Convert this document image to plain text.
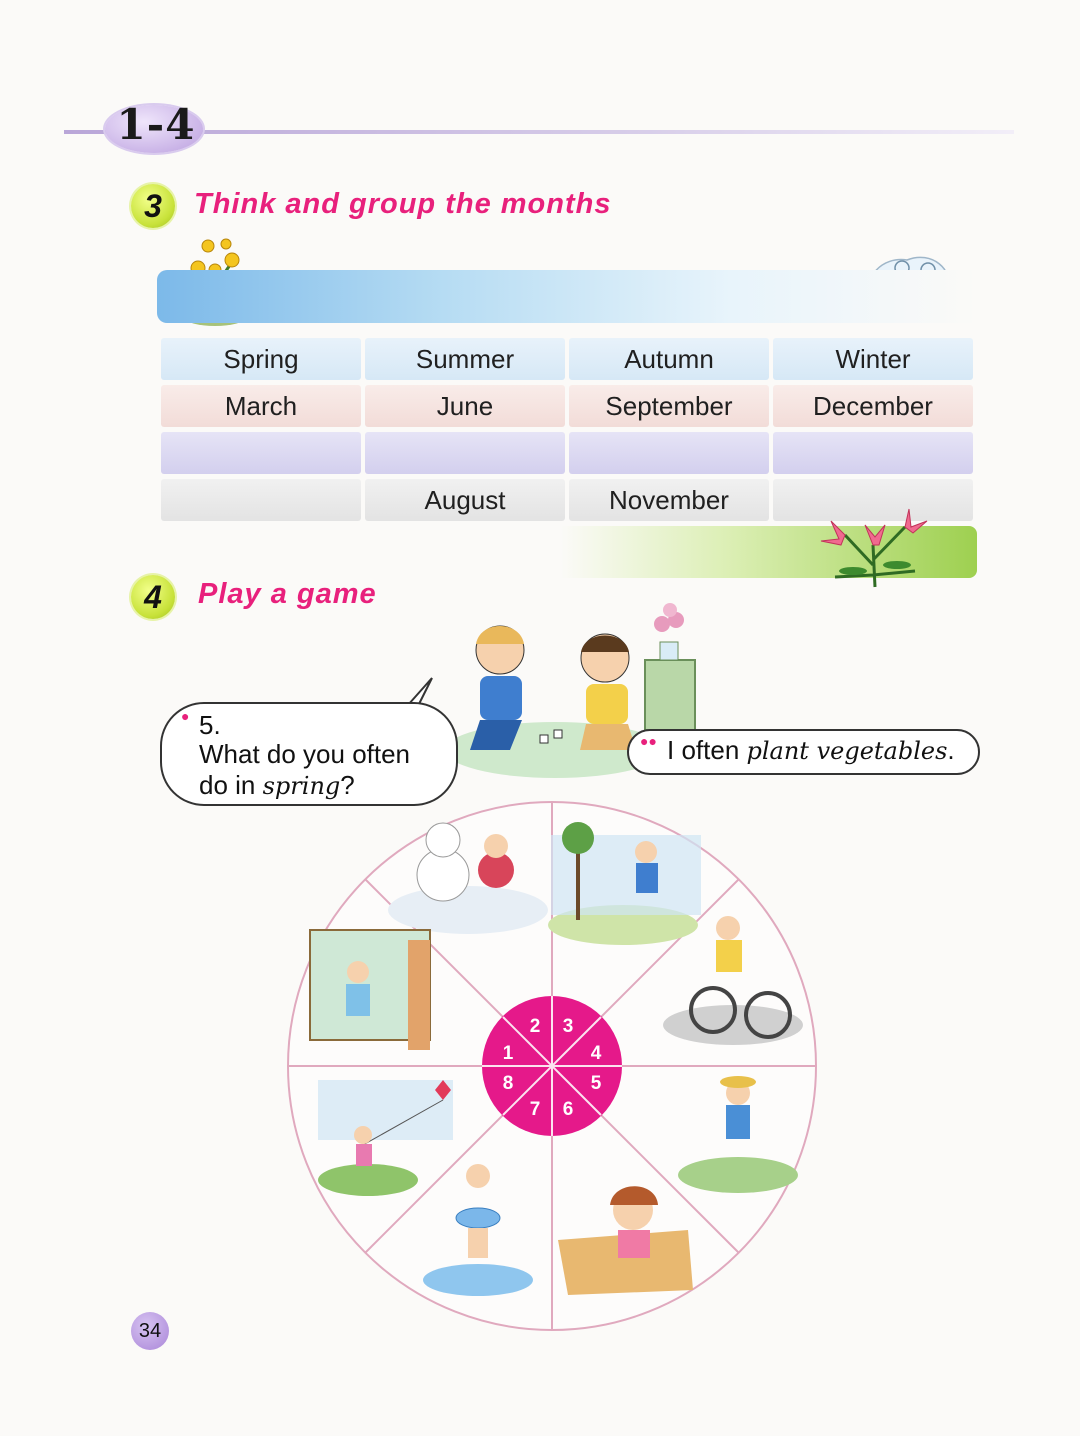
1-4
3	Think and group the months
Spring	Summer	Autumn	Winter
March	June	September	December

	August	November	
4	Play a game
● 5.
What do you often
do in spring?
●● I often plant vegetables.
1
2 3
4
5
6
7
8
34
